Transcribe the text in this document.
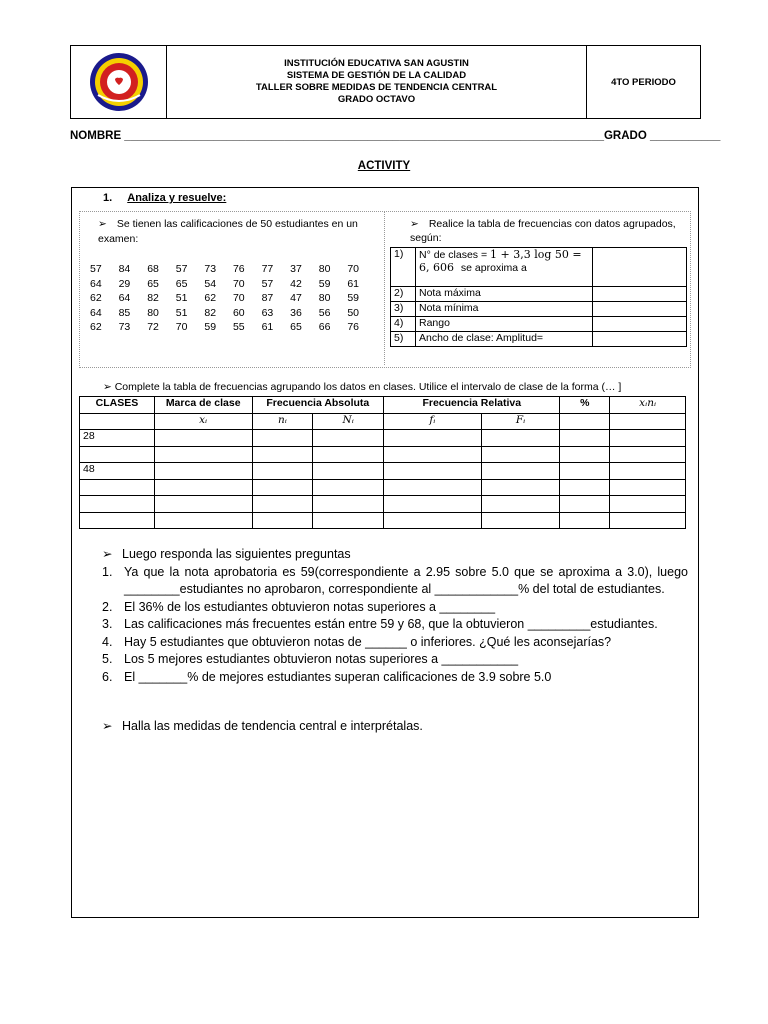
INSTITUCIÓN EDUCATIVA SAN AGUSTIN
SISTEMA DE GESTIÓN DE LA CALIDAD
TALLER SOBRE MEDIDAS DE TENDENCIA CENTRAL
GRADO OCTAVO
4TO PERIODO
NOMBRE ___________________________________________________________________________GRADO ___________
ACTIVITY
1. Analiza y resuelve:
➢ Se tienen las calificaciones de 50 estudiantes en un examen:
57	84	68	57	73	76	77	37	80	70
64	29	65	65	54	70	57	42	59	61
62	64	82	51	62	70	87	47	80	59
64	85	80	51	82	60	63	36	56	50
62	73	72	70	59	55	61	65	66	76
➢ Realice la tabla de frecuencias con datos agrupados, según:
1)	N° de clases = 1 + 3,3 log 50 =
6, 606 se aproxima a	
2)	Nota máxima	
3)	Nota mínima	
4)	Rango	
5)	Ancho de clase: Amplitud=	
➢ Complete la tabla de frecuencias agrupando los datos en clases. Utilice el intervalo de clase de la forma (… ]
CLASES	Marca de clase	Frecuencia Absoluta		Frecuencia Relativa		%	xᵢnᵢ
	xᵢ	nᵢ	Nᵢ	fᵢ	Fᵢ		
28							

48							

➢ Luego responda las siguientes preguntas
1. Ya que la nota aprobatoria es 59(correspondiente a 2.95 sobre 5.0 que se aproxima a 3.0), luego ________estudiantes no aprobaron, correspondiente al ____________% del total de estudiantes.
2. El 36% de los estudiantes obtuvieron notas superiores a ________
3. Las calificaciones más frecuentes están entre 59 y 68, que la obtuvieron _________estudiantes.
4. Hay 5 estudiantes que obtuvieron notas de ______ o inferiores. ¿Qué les aconsejarías?
5. Los 5 mejores estudiantes obtuvieron notas superiores a ___________
6. El _______% de mejores estudiantes superan calificaciones de 3.9 sobre 5.0
➢ Halla las medidas de tendencia central e interprétalas.
